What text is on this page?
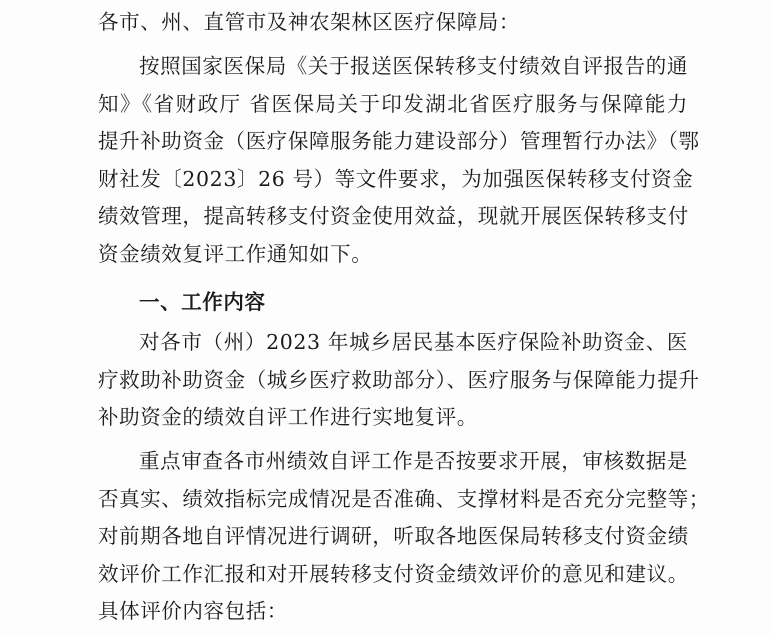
各市、州、直管市及神农架林区医疗保障局：

按照国家医保局《关于报送医保转移支付绩效自评报告的通
知》《省财政厅 省医保局关于印发湖北省医疗服务与保障能力
提升补助资金（医疗保障服务能力建设部分）管理暂行办法》（鄂
财社发〔2023〕26 号）等文件要求，为加强医保转移支付资金
绩效管理，提高转移支付资金使用效益，现就开展医保转移支付
资金绩效复评工作通知如下。

一、工作内容

对各市（州）2023 年城乡居民基本医疗保险补助资金、医
疗救助补助资金（城乡医疗救助部分）、医疗服务与保障能力提升
补助资金的绩效自评工作进行实地复评。

重点审查各市州绩效自评工作是否按要求开展，审核数据是
否真实、绩效指标完成情况是否准确、支撑材料是否充分完整等；
对前期各地自评情况进行调研，听取各地医保局转移支付资金绩
效评价工作汇报和对开展转移支付资金绩效评价的意见和建议。
具体评价内容包括：
